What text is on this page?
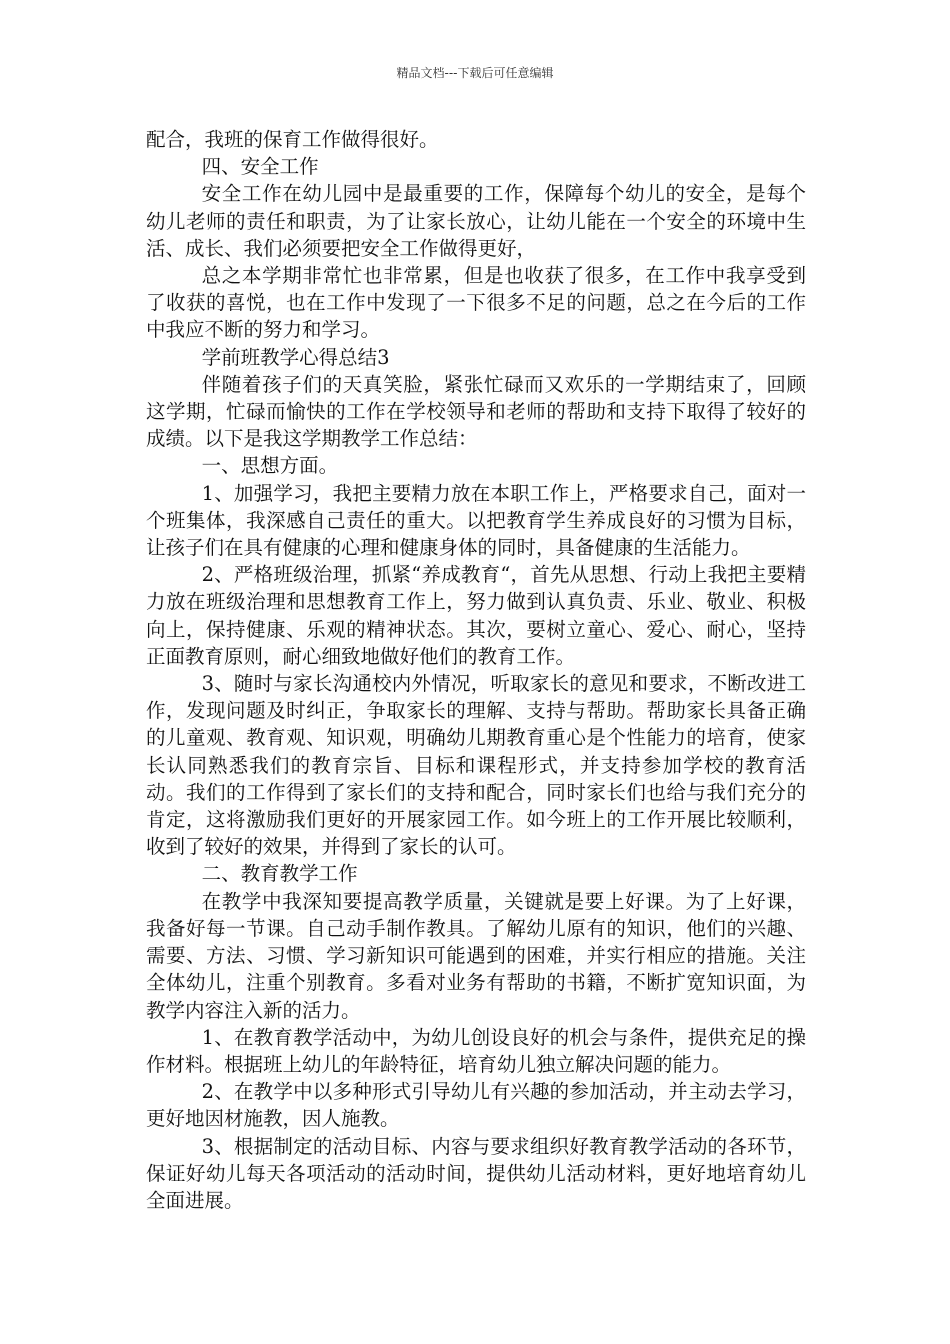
精品文档---下载后可任意编辑

配合，我班的保育工作做得很好。

四、安全工作

安全工作在幼儿园中是最重要的工作，保障每个幼儿的安全，是每个幼儿老师的责任和职责，为了让家长放心，让幼儿能在一个安全的环境中生活、成长、我们必须要把安全工作做得更好，

总之本学期非常忙也非常累，但是也收获了很多，在工作中我享受到了收获的喜悦，也在工作中发现了一下很多不足的问题，总之在今后的工作中我应不断的努力和学习。

学前班教学心得总结3

伴随着孩子们的天真笑脸，紧张忙碌而又欢乐的一学期结束了，回顾这学期，忙碌而愉快的工作在学校领导和老师的帮助和支持下取得了较好的成绩。以下是我这学期教学工作总结：

一、思想方面。

1、加强学习，我把主要精力放在本职工作上，严格要求自己，面对一个班集体，我深感自己责任的重大。以把教育学生养成良好的习惯为目标，让孩子们在具有健康的心理和健康身体的同时，具备健康的生活能力。

2、严格班级治理，抓紧“养成教育“，首先从思想、行动上我把主要精力放在班级治理和思想教育工作上，努力做到认真负责、乐业、敬业、积极向上，保持健康、乐观的精神状态。其次，要树立童心、爱心、耐心，坚持正面教育原则，耐心细致地做好他们的教育工作。

3、随时与家长沟通校内外情况，听取家长的意见和要求，不断改进工作，发现问题及时纠正，争取家长的理解、支持与帮助。帮助家长具备正确的儿童观、教育观、知识观，明确幼儿期教育重心是个性能力的培育，使家长认同熟悉我们的教育宗旨、目标和课程形式，并支持参加学校的教育活动。我们的工作得到了家长们的支持和配合，同时家长们也给与我们充分的肯定，这将激励我们更好的开展家园工作。如今班上的工作开展比较顺利，收到了较好的效果，并得到了家长的认可。

二、教育教学工作

在教学中我深知要提高教学质量，关键就是要上好课。为了上好课，我备好每一节课。自己动手制作教具。了解幼儿原有的知识，他们的兴趣、需要、方法、习惯、学习新知识可能遇到的困难，并实行相应的措施。关注全体幼儿，注重个别教育。多看对业务有帮助的书籍，不断扩宽知识面，为教学内容注入新的活力。

1、在教育教学活动中，为幼儿创设良好的机会与条件，提供充足的操作材料。根据班上幼儿的年龄特征，培育幼儿独立解决问题的能力。

2、在教学中以多种形式引导幼儿有兴趣的参加活动，并主动去学习，更好地因材施教，因人施教。

3、根据制定的活动目标、内容与要求组织好教育教学活动的各环节，保证好幼儿每天各项活动的活动时间，提供幼儿活动材料，更好地培育幼儿全面进展。
